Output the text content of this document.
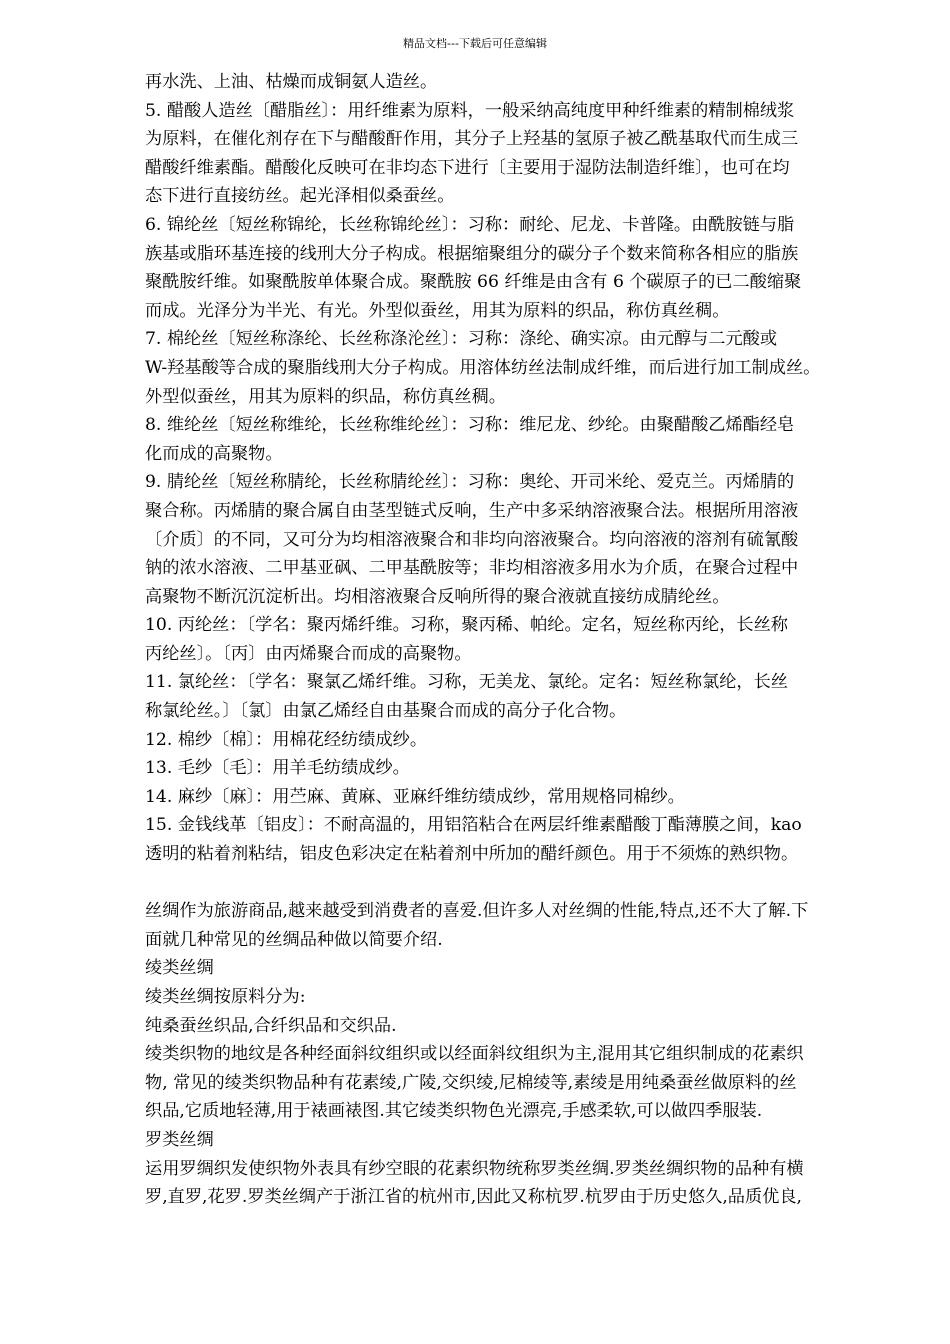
精品文档---下载后可任意编辑
再水洗、上油、枯燥而成铜氨人造丝。
5. 醋酸人造丝〔醋脂丝〕：用纤维素为原料，一般采纳高纯度甲种纤维素的精制棉绒浆
为原料，在催化剂存在下与醋酸酐作用，其分子上羟基的氢原子被乙酰基取代而生成三
醋酸纤维素酯。醋酸化反映可在非均态下进行〔主要用于湿防法制造纤维〕，也可在均
态下进行直接纺丝。起光泽相似桑蚕丝。
6. 锦纶丝〔短丝称锦纶，长丝称锦纶丝〕：习称：耐纶、尼龙、卡普隆。由酰胺链与脂
族基或脂环基连接的线刑大分子构成。根据缩聚组分的碳分子个数来简称各相应的脂族
聚酰胺纤维。如聚酰胺单体聚合成。聚酰胺 66 纤维是由含有 6 个碳原子的已二酸缩聚
而成。光泽分为半光、有光。外型似蚕丝，用其为原料的织品，称仿真丝稠。
7. 棉纶丝〔短丝称涤纶、长丝称涤沦丝〕：习称：涤纶、确实凉。由元醇与二元酸或
W-羟基酸等合成的聚脂线刑大分子构成。用溶体纺丝法制成纤维，而后进行加工制成丝。
外型似蚕丝，用其为原料的织品，称仿真丝稠。
8. 维纶丝〔短丝称维纶，长丝称维纶丝〕：习称：维尼龙、纱纶。由聚醋酸乙烯酯经皂
化而成的高聚物。
9. 腈纶丝〔短丝称腈纶，长丝称腈纶丝〕：习称：奥纶、开司米纶、爱克兰。丙烯腈的
聚合称。丙烯腈的聚合属自由茎型链式反响，生产中多采纳溶液聚合法。根据所用溶液
〔介质〕的不同，又可分为均相溶液聚合和非均向溶液聚合。均向溶液的溶剂有硫氰酸
钠的浓水溶液、二甲基亚砜、二甲基酰胺等；非均相溶液多用水为介质，在聚合过程中
高聚物不断沉沉淀析出。均相溶液聚合反响所得的聚合液就直接纺成腈纶丝。
10. 丙纶丝：〔学名：聚丙烯纤维。习称，聚丙稀、帕纶。定名，短丝称丙纶，长丝称
丙纶丝〕。〔丙〕由丙烯聚合而成的高聚物。
11. 氯纶丝：〔学名：聚氯乙烯纤维。习称，无美龙、氯纶。定名：短丝称氯纶，长丝
称氯纶丝。〕〔氯〕由氯乙烯经自由基聚合而成的高分子化合物。
12. 棉纱〔棉〕：用棉花经纺绩成纱。
13. 毛纱〔毛〕：用羊毛纺绩成纱。
14. 麻纱〔麻〕：用苎麻、黄麻、亚麻纤维纺绩成纱，常用规格同棉纱。
15. 金钱线革〔铝皮〕：不耐高温的，用铝箔粘合在两层纤维素醋酸丁酯薄膜之间，kao
透明的粘着剂粘结，铝皮色彩决定在粘着剂中所加的醋纤颜色。用于不须炼的熟织物。
丝绸作为旅游商品,越来越受到消费者的喜爱.但许多人对丝绸的性能,特点,还不大了解.下
面就几种常见的丝绸品种做以简要介绍.
绫类丝绸
绫类丝绸按原料分为:
纯桑蚕丝织品,合纤织品和交织品.
绫类织物的地纹是各种经面斜纹组织或以经面斜纹组织为主,混用其它组织制成的花素织
物, 常见的绫类织物品种有花素绫,广陵,交织绫,尼棉绫等,素绫是用纯桑蚕丝做原料的丝
织品,它质地轻薄,用于裱画裱图.其它绫类织物色光漂亮,手感柔软,可以做四季服装.
罗类丝绸
运用罗绸织发使织物外表具有纱空眼的花素织物统称罗类丝绸.罗类丝绸织物的品种有横
罗,直罗,花罗.罗类丝绸产于浙江省的杭州市,因此又称杭罗.杭罗由于历史悠久,品质优良,
